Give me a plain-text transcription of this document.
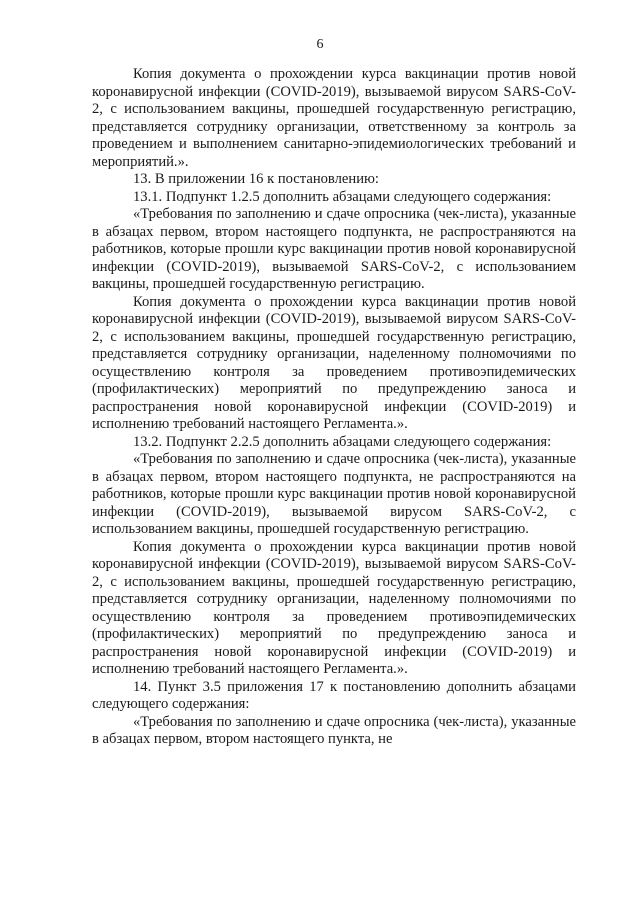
6

Копия документа о прохождении курса вакцинации против новой коронавирусной инфекции (COVID-2019), вызываемой вирусом SARS-CoV-2, с использованием вакцины, прошедшей государственную регистрацию, представляется сотруднику организации, ответственному за контроль за проведением и выполнением санитарно-эпидемиологических требований и мероприятий.».

13. В приложении 16 к постановлению:

13.1. Подпункт 1.2.5 дополнить абзацами следующего содержания:

«Требования по заполнению и сдаче опросника (чек-листа), указанные в абзацах первом, втором настоящего подпункта, не распространяются на работников, которые прошли курс вакцинации против новой коронавирусной инфекции (COVID-2019), вызываемой SARS-CoV-2, с использованием вакцины, прошедшей государственную регистрацию.

Копия документа о прохождении курса вакцинации против новой коронавирусной инфекции (COVID-2019), вызываемой вирусом SARS-CoV-2, с использованием вакцины, прошедшей государственную регистрацию, представляется сотруднику организации, наделенному полномочиями по осуществлению контроля за проведением противоэпидемических (профилактических) мероприятий по предупреждению заноса и распространения новой коронавирусной инфекции (COVID-2019) и исполнению требований настоящего Регламента.».

13.2. Подпункт 2.2.5 дополнить абзацами следующего содержания:

«Требования по заполнению и сдаче опросника (чек-листа), указанные в абзацах первом, втором настоящего подпункта, не распространяются на работников, которые прошли курс вакцинации против новой коронавирусной инфекции (COVID-2019), вызываемой вирусом SARS-CoV-2, с использованием вакцины, прошедшей государственную регистрацию.

Копия документа о прохождении курса вакцинации против новой коронавирусной инфекции (COVID-2019), вызываемой вирусом SARS-CoV-2, с использованием вакцины, прошедшей государственную регистрацию, представляется сотруднику организации, наделенному полномочиями по осуществлению контроля за проведением противоэпидемических (профилактических) мероприятий по предупреждению заноса и распространения новой коронавирусной инфекции (COVID-2019) и исполнению требований настоящего Регламента.».

14. Пункт 3.5 приложения 17 к постановлению дополнить абзацами следующего содержания:

«Требования по заполнению и сдаче опросника (чек-листа), указанные в абзацах первом, втором настоящего пункта, не
